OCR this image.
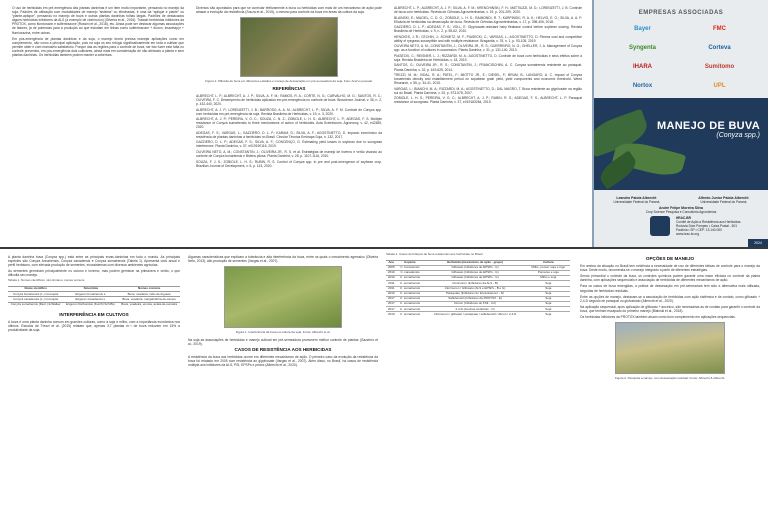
O uso de herbicidas em pré-emergência das plantas daninhas é um item muito importante, pensando no manejo da soja. Padrões de utilização com modalidades de manejo “sistema” ou eliminadas, é uma da “aplique e plante” ou “plante-aplique”, pensando no manejo de buva e outras plantas daninhas folhas largas. Padrões de destacados alguns herbicidas inibidores da ALS (a exemplo de clorimuron) (Oliveira et al., 2016). Tratado herbicidas inibidores da PROTOX, como flumioxazin e sulfentrazone (Rossini et al., 2018), etc. Ainda pode ser destacar algumas associações de fatores, já de potencias para a produção ao que estudam em linhas como sulfentrazone + diuron, imazetapyr + flumioxazina, entre outras.

Em pós-emergência de plantas daninhas e da soja, o manejo teoria precisa manejar aplicações como em complemento, não como a principal aplicação, pois na soja os seu refúgio significativamente em toda a cultivar que permite obter e com manuseio satisfatório. Porque das as regiões para o controle de buva, ser isto fuzer este falta no controle prevenido, em pós-emergência dois cultivares, ainda mais em consideração de não afetando a planta e sem plantas daninhas. Os herbicidas também podem manter a cobertura.

Diversos são apontados para que se controlar efetivamente a buva ou herbicidas com mais de um mecanismo de ação pode atrasar a evolução da resistência (Souza et al., 2015), o mesmo para controle da buva em áreas da cultura da soja.

Figura 1: Plântula de buva em diferentes estádios e manejo de dessecação em pré-semeadura da soja. Foto: Acervo pessoal.
REFERÊNCIAS

ALBRECHT, L. P.; ALBRECHT, A. J. P.; SILVA, A. F. M.; RAMOS, R. A.; CORTE, N. G.; CARVALHO, M. G.; SANTOS, R. C.; OLIVEIRA, F. C. Desempenho de herbicidas aplicados em pré-emergência no controle de buva. Bioscience Journal, v. 36, n. 2, p. 432-440, 2020.

ALBRECHT, A. J. P.; LORENZETTI, J. B.; BARROSO, A. A. M.; ALBRECHT, L. P.; SILVA, A. F. M. Controle de Conyza spp. com herbicidas em pré-emergência da soja. Revista Brasileira de Herbicidas, v. 19, n. 3, 2020.

ALBRECHT, A. J. P.; PEREIRA, V. G. C.; SOUZA, C. N. Z.; ZOBIOLE, L. H. S.; ALBRECHT, L. P.; ADEGAS, F. S. Multiple resistance of Conyza sumatrensis to three mechanisms of action of herbicides. Acta Scientiarum. Agronomy, v. 42, e42485, 2020.

ADEGAS, F. S.; VARGAS, L.; GAZZIERO, D. L. P.; KARAM, D.; SILVA, A. F.; AGOSTINETTO, D. Impacto econômico da resistência de plantas daninhas a herbicidas no Brasil. Circular Técnica Embrapa Soja, n. 132, 2017.

GAZZIERO, D. L. P.; ADEGAS, F. S.; SILVA, A. F.; CONCENÇO, G. Estimating yield losses in soybean due to sourgrass interference. Planta Daninha, v. 37, e019190116, 2019.

OLIVEIRA NETO, A. M.; CONSTANTIN, J.; OLIVEIRA JR., R. S. et al. Estratégias de manejo de inverno e verão visando ao controle de Conyza bonariensis e Bidens pilosa. Planta Daninha, v. 28, p. 1107-1116, 2010.

SOUZA, F. J. S.; ZOBIOLE, L. H. S.; RUBIN, R. S. Control of Conyza spp. in pre and post-emergence of soybean crop. Brazilian Journal of Development, v. 6, p. 143, 2020.

ALBRECHT, L. P.; ALBRECHT, A. J. P.; SILVA, A. F. M.; KRENCHINSKI, F. H.; MATTIUZZI, M. D.; LORENZETTI, J. B. Controle de buva com herbicidas. Revista de Ciências Agroveterinárias, v. 19, p. 201-209, 2020.

BLAINSKI, E.; MACIEL, C. D. G.; ZOBIOLE, L. H. S.; RAIMONDI, R. T.; KARPINSKI, R. A. K.; HELVIG, E. O.; SILVA, A. A. P. Eficácia de herbicidas na dessecação de buva. Revista de Ciências Agroveterinárias, v. 17, p. 398-406, 2018.

GAZZIERO, D. L. P.; ADEGAS, F. S.; VOLL, E. Glyphosate-resistant hairy fleabane control before soybean sowing. Revista Brasileira de Herbicidas, v. 9, n. 2, p. 55-62, 2010.

HENCKES, J. R.; CECHIN, J.; SCHMITZ, M. F.; PIASECKI, C.; VARGAS, L.; AGOSTINETTO, D. Fitness cost and competitive ability of ryegrass susceptible and with multiple resistance. Bragantia, v. 78, n. 1, p. 93-105, 2019.

OLIVEIRA NETO, A. M.; CONSTANTIN, J.; OLIVEIRA JR., R. S.; GUERREIRO, N. G.; GHELLER, J. A. Management of Conyza spp. as a function of cultures in succession. Planta Daninha, v. 31, p. 131-140, 2013.

PIASECKI, C.; REISNER, L. J.; RIZZARDI, M. A.; AGOSTINETTO, D. Controle de buva com herbicidas e seus efeitos sobre a soja. Revista Brasileira de Herbicidas, v. 18, 2019.

SANTOS, G.; OLIVEIRA JR., R. S.; CONSTANTIN, J.; FRANCISCHINI, A. C. Conyza sumatrensis resistente ao paraquat. Planta Daninha, v. 32, p. 619-625, 2014.

TREZZI, M. M.; VIDAL, R. A.; PATEL, F.; MIOTTO JR., E.; DIESEL, F.; BRUM, B.; LANGARO, A. C. Impact of Conyza bonariensis density and establishment period on soyabean grain yield, yield components and economic threshold. Weed Research, v. 55, p. 34-41, 2015.

VARGAS, L.; BIANCHI, M. A.; RIZZARDI, M. A.; AGOSTINETTO, D.; DAL MAGRO, T. Buva resistente ao glyphosate na região sul do Brasil. Planta Daninha, v. 25, p. 573-578, 2007.

ZOBIOLE, L. H. S.; PEREIRA, V. G. C.; ALBRECHT, A. J. P.; RUBIN, R. S.; ADEGAS, F. S.; ALBRECHT, L. P. Paraquat resistance of sourgrass. Planta Daninha, v. 37, e019183264, 2019.

EMPRESAS ASSOCIADAS
Bayer	FMC
Syngenta	Corteva
IHARA	Sumitomo
Nortox	UPL
MANEJO DE BUVA
(Conyza spp.)
Leandro Paiola Albrecht
Universidade Federal do Paraná
Alfredo Junior Paiola Albrecht
Universidade Federal do Paraná
André Felipe Moreira Silva
Crop Science Pesquisa e Consultoria Agronômica
HRAC-BR
Comitê de Ação a Resistência aos Herbicidas
Rodovia Dom Pompeu • Caixa Postal - 501
Paulínia • SP • CEP: 13.140-000
www.hrac-br.org
2024

A planta daninha buva (Conyza spp.) está entre as principais ervas-daninhas em todo o mundo. As principais espécies são Conyza bonariensis, Conyza canadensis e Conyza sumatrensis (Tabela 1). Apresenta ciclo anual e perfil herbáceo, com elevada produção de sementes, ecossistemas com diversos ambientes agrícolas.

As sementes germinam principalmente no outono e inverno, mas podem germinar na primavera e verão, o que dificulta seu manejo.

Tabela 1. Nomes científicos, sinonímias e nomes comuns.
Nome científico	Sinonímia	Nomes comuns
Conyza bonariensis (L.) Cronquist	Erigeron bonariensis L.	Buva, voadeira, rabo-de-foguete
Conyza canadensis (L.) Cronquist	Erigeron canadensis L.	Buva, voadeira, margaridinha-do-campo
Conyza sumatrensis (Retz.) E.Walker	Erigeron floribundus (Kunth) Sch.Bip.	Buva, voadeira, enxota, acatá-de-sumatra
INTERFERÊNCIA EM CULTIVOS

A buva é uma planta daninha comum em grandes culturas, como a soja e milho, com a importância econômica nos últimos. Estudos de Trezzi et al. (2015) relatam que, apenas 3,7 plantas m⁻² de buva reduzem em 15% a produtividade da soja.

Algumas características que explicam a tolerância e alta interferência da buva, entre os quais o crescimento agressivo (Oliveira Neto, 2013), alto produção de sementes (Vargas et al., 2007).

Figura 1. Interferência da buva na cultura da soja. Fonte: Albrecht et al.

Na soja as associações de herbicidas e manejo cultural em pré-semeadura promovem melhor controle de plantas (Gazziero et al., 2019).

CASOS DE RESISTÊNCIA AOS HERBICIDAS

A resistência da buva aos herbicidas ocorre em diferentes mecanismos de ação. O primeiro caso da evolução da resistência da buva foi relatado em 2005 com resistência ao glyphosate (Vargas et al., 2007). Além disso, no Brasil, há casos de resistência múltipla aos inibidores da ALS, PSI, EPSPs e protox (Albrecht et al., 2020).

Tabela 2. Casos de biótipos de buva resistentes aos herbicidas no Brasil.
Ano	Espécie	Herbicida (mecanismo de ação - grupo)	Cultura
2005	C. bonariensis	Glifosato (Inibidores de EPSPs - G)	Milho, pomar, soja e trigo
2010	C. canadensis	Glifosato (Inibidores de EPSPs - G)	Pomares e soja
2010	C. sumatrensis	Glifosato (Inibidores de EPSPs - G)	Milho e soja
2011	C. sumatrensis	Clorimuron (Inibidores da ALS - B)	Soja
2011	C. sumatrensis	Clorimuron / Glifosato (ALS e EPSPs - B e G)	Soja
2016	C. sumatrensis	Paraquate (Inibidores do fotossistema I - D)	Soja
2017	C. sumatrensis	Saflufenacil (Inibidores da PROTOX - E)	Soja
2017	C. sumatrensis	Diuron (Inibidores do FSII - C2)	Soja
2017	C. sumatrensis	2,4-D (Auxinas sintéticas - O)	Soja
2019	C. sumatrensis	Clorimuron / glifosato / paraquate / saflufenacil / diuron / 2,4-D	Soja
OPÇÕES DE MANEJO

Em ambos da situação no Brasil tem evidência a necessidade de uso de diferentes táticas de controle para o manejo da buva. Deste modo, recomenda-se o manejo integrado a partir de diferentes estratégias.

Sendo primordial o controle da buva, os controles químicos podem garantir uma maior eficácia no controle da planta daninha, com aplicações sequenciais e associação de herbicidas de diferentes mecanismos de ação.

Para os casos de buva emergidas, a prática de dessecação em pré-semeadura tem sido a alternativa mais utilizada, seguidas de herbicidas residuais.

Entre as opções de manejo, destacam-se a associação de herbicidas com ação sistêmica e de contato, como glifosato + 2,4-D seguido de paraquat ou glufosinato (Albrecht et al., 2020).

Na aplicação sequencial, após aplicação de glifosato + auxínico, são necessárias as de contato para garantir o controle da buva, que tenham escapado do primeiro manejo (Blainski et al., 2018).

Os herbicidas inibidores da PROTOX também atuam como bom complemento em aplicações sequenciais.

Figura 2. Pesquisa a campo, com dessecação residual. Fonte: Albrecht & Albrecht.
